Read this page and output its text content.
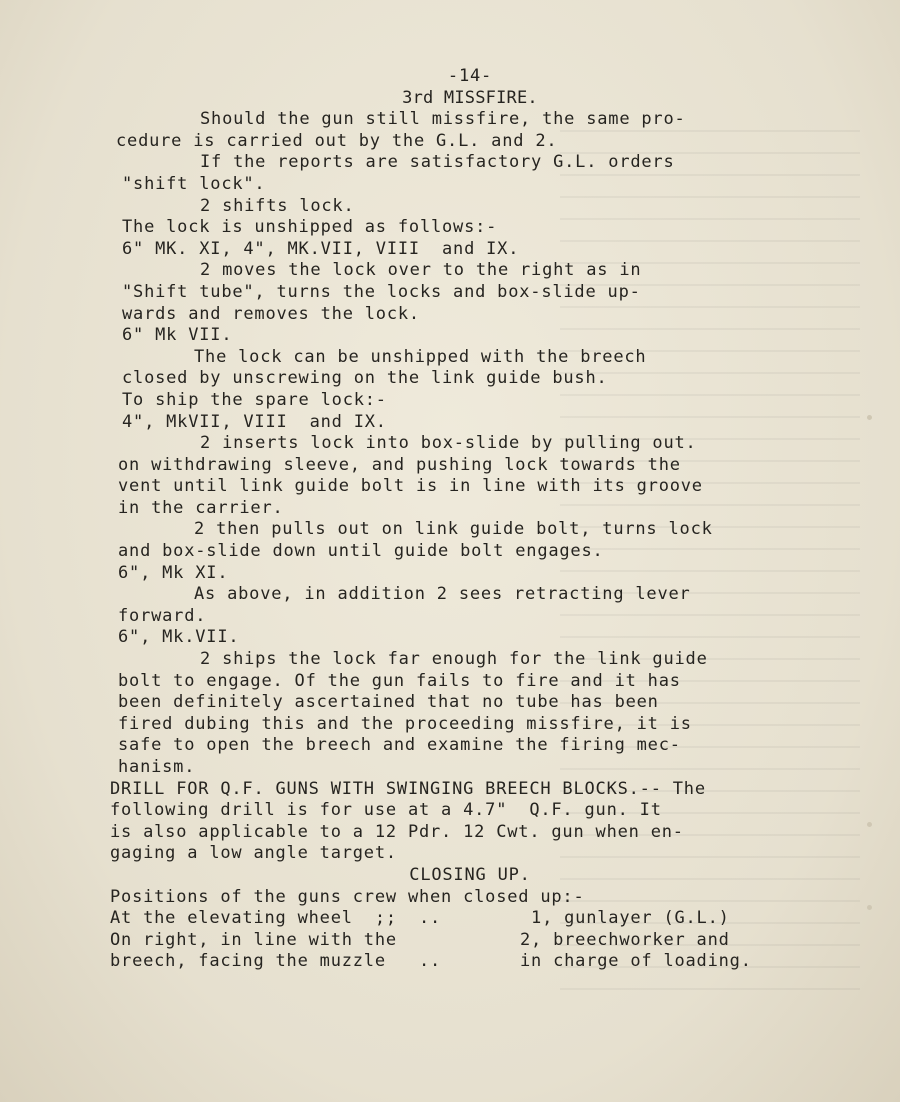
-14-
3rd MISSFIRE.
Should the gun still missfire, the same pro-
cedure is carried out by the G.L. and 2.
If the reports are satisfactory G.L. orders
"shift lock".
2 shifts lock.
The lock is unshipped as follows:-
6" MK. XI, 4", MK.VII, VIII  and IX.
2 moves the lock over to the right as in
"Shift tube", turns the locks and box-slide up-
wards and removes the lock.
6" Mk VII.
The lock can be unshipped with the breech
closed by unscrewing on the link guide bush.
To ship the spare lock:-
4", MkVII, VIII  and IX.
2 inserts lock into box-slide by pulling out.
on withdrawing sleeve, and pushing lock towards the
vent until link guide bolt is in line with its groove
in the carrier.
2 then pulls out on link guide bolt, turns lock
and box-slide down until guide bolt engages.
6", Mk XI.
As above, in addition 2 sees retracting lever
forward.
6", Mk.VII.
2 ships the lock far enough for the link guide
bolt to engage. Of the gun fails to fire and it has
been definitely ascertained that no tube has been
fired dubing this and the proceeding missfire, it is
safe to open the breech and examine the firing mec-
hanism.
DRILL FOR Q.F. GUNS WITH SWINGING BREECH BLOCKS.-- The
following drill is for use at a 4.7"  Q.F. gun. It
is also applicable to a 12 Pdr. 12 Cwt. gun when en-
gaging a low angle target.
CLOSING UP.
Positions of the guns crew when closed up:-
At the elevating wheel  ;;  ..	1, gunlayer (G.L.)
On right, in line with the	2, breechworker and
breech, facing the muzzle   ..	in charge of loading.
